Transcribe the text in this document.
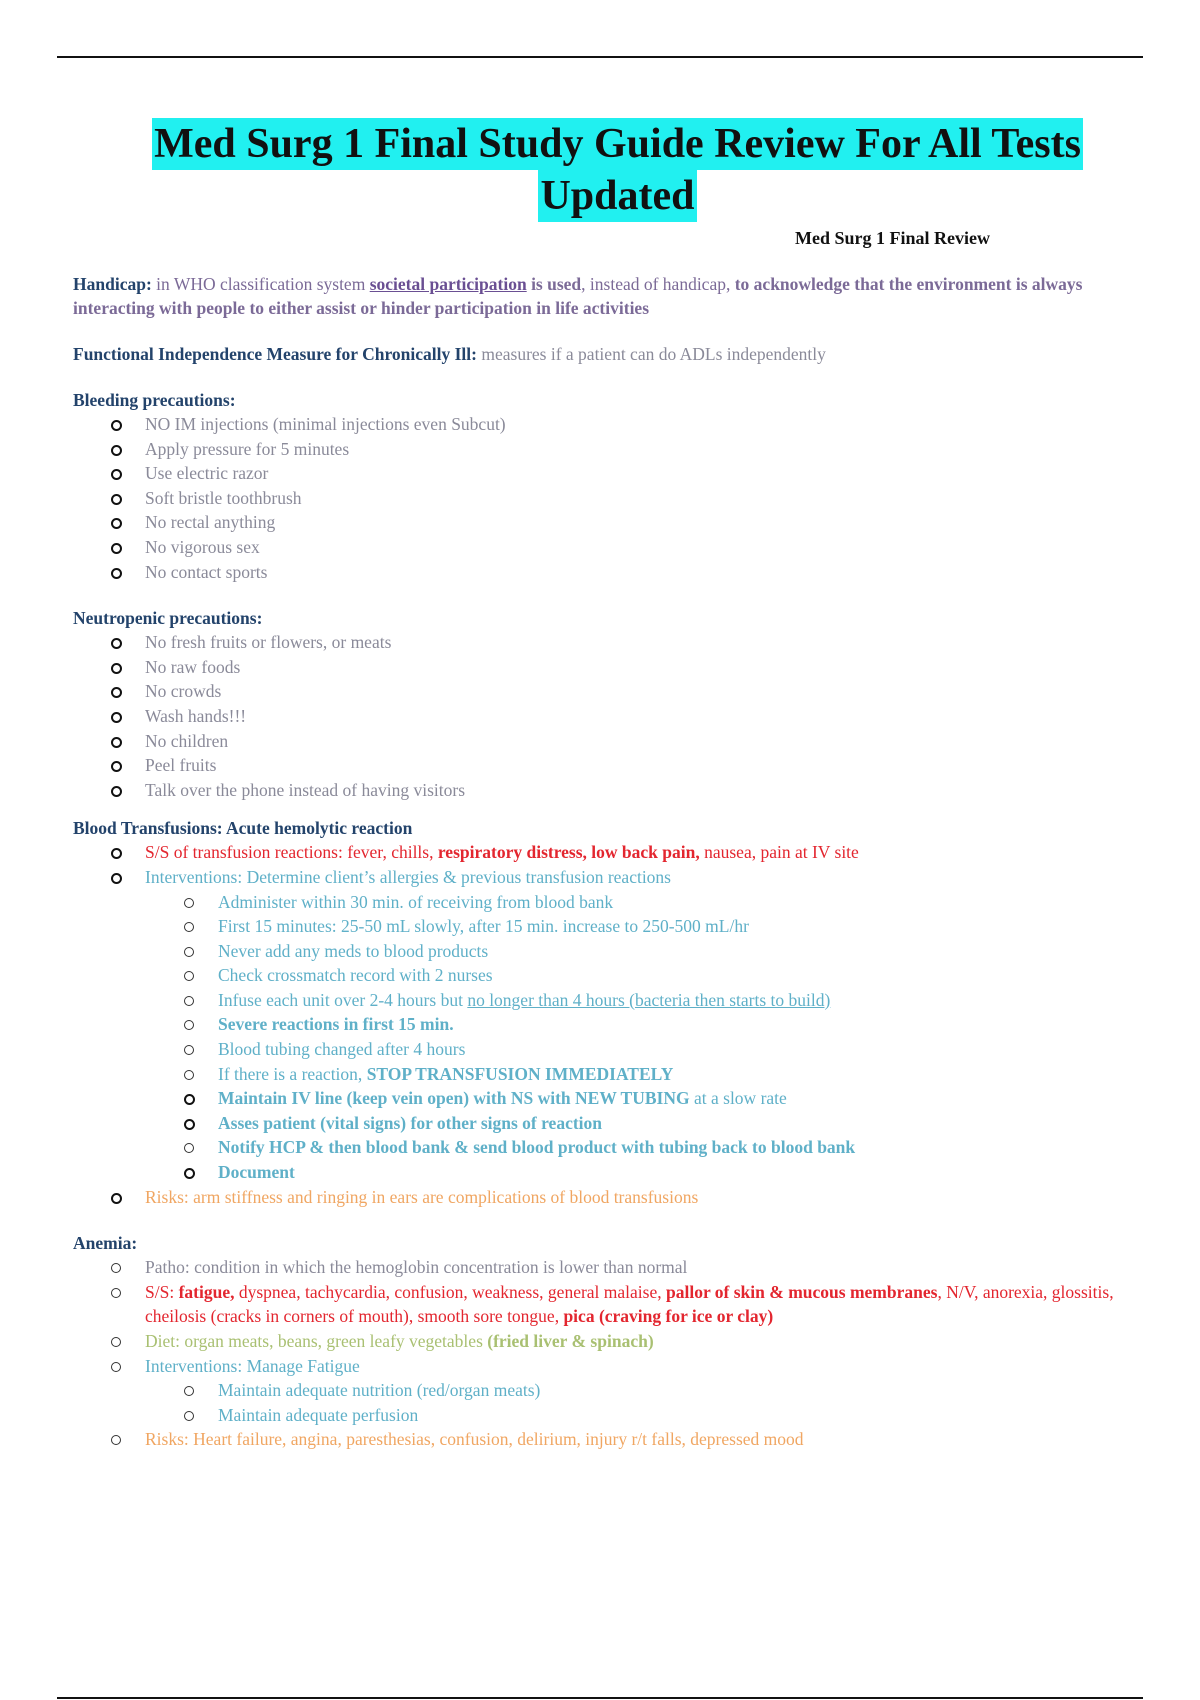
Med Surg 1 Final Study Guide Review For All Tests
Updated
Med Surg 1 Final Review

Handicap: in WHO classification system societal participation is used, instead of handicap, to acknowledge that the environment is always interacting with people to either assist or hinder participation in life activities

Functional Independence Measure for Chronically Ill: measures if a patient can do ADLs independently

Bleeding precautions:

NO IM injections (minimal injections even Subcut)
Apply pressure for 5 minutes
Use electric razor
Soft bristle toothbrush
No rectal anything
No vigorous sex
No contact sports

Neutropenic precautions:

No fresh fruits or flowers, or meats
No raw foods
No crowds
Wash hands!!!
No children
Peel fruits
Talk over the phone instead of having visitors

Blood Transfusions: Acute hemolytic reaction

S/S of transfusion reactions: fever, chills, respiratory distress, low back pain, nausea, pain at IV site
Interventions: Determine client’s allergies & previous transfusion reactions
Administer within 30 min. of receiving from blood bank
First 15 minutes: 25-50 mL slowly, after 15 min. increase to 250-500 mL/hr
Never add any meds to blood products
Check crossmatch record with 2 nurses
Infuse each unit over 2-4 hours but no longer than 4 hours (bacteria then starts to build)
Severe reactions in first 15 min.
Blood tubing changed after 4 hours
If there is a reaction, STOP TRANSFUSION IMMEDIATELY
Maintain IV line (keep vein open) with NS with NEW TUBING at a slow rate
Asses patient (vital signs) for other signs of reaction
Notify HCP & then blood bank & send blood product with tubing back to blood bank
Document
Risks: arm stiffness and ringing in ears are complications of blood transfusions

Anemia:

Patho: condition in which the hemoglobin concentration is lower than normal
S/S: fatigue, dyspnea, tachycardia, confusion, weakness, general malaise, pallor of skin & mucous membranes, N/V, anorexia, glossitis, cheilosis (cracks in corners of mouth), smooth sore tongue, pica (craving for ice or clay)
Diet: organ meats, beans, green leafy vegetables (fried liver & spinach)
Interventions: Manage Fatigue
Maintain adequate nutrition (red/organ meats)
Maintain adequate perfusion
Risks: Heart failure, angina, paresthesias, confusion, delirium, injury r/t falls, depressed mood
